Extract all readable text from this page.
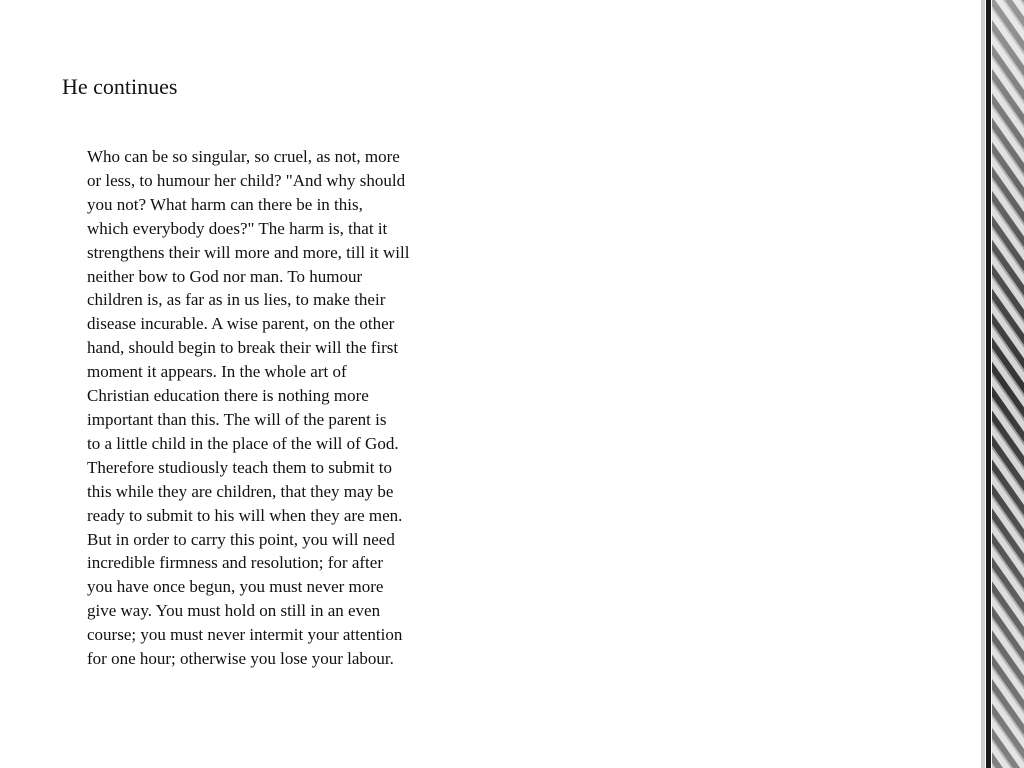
He continues
Who can be so singular, so cruel, as not, more
or less, to humour her child? "And why should
you not? What harm can there be in this,
which everybody does?" The harm is, that it
strengthens their will more and more, till it will
neither bow to God nor man. To humour
children is, as far as in us lies, to make their
disease incurable. A wise parent, on the other
hand, should begin to break their will the first
moment it appears. In the whole art of
Christian education there is nothing more
important than this. The will of the parent is
to a little child in the place of the will of God.
Therefore studiously teach them to submit to
this while they are children, that they may be
ready to submit to his will when they are men.
But in order to carry this point, you will need
incredible firmness and resolution; for after
you have once begun, you must never more
give way. You must hold on still in an even
course; you must never intermit your attention
for one hour; otherwise you lose your labour.
